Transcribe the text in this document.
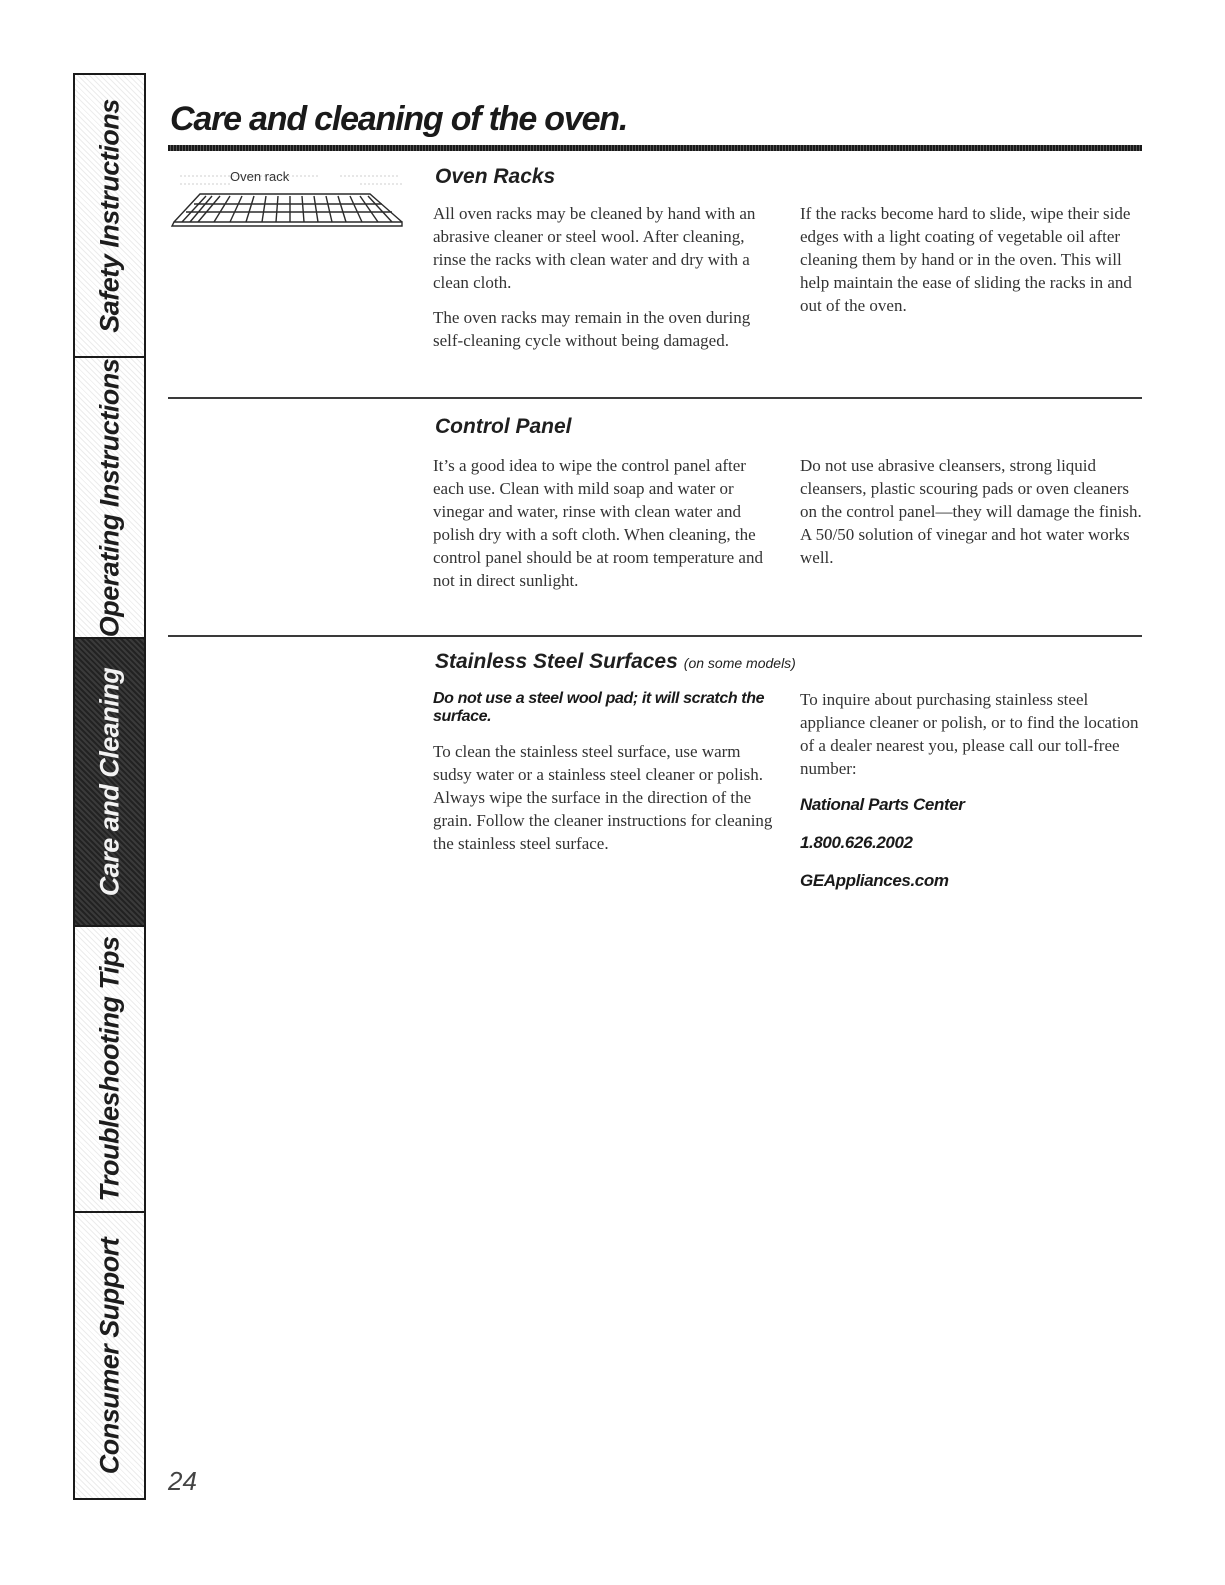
Safety Instructions
Operating Instructions
Care and Cleaning
Troubleshooting Tips
Consumer Support
Care and cleaning of the oven.
Oven rack	Oven Racks

All oven racks may be cleaned by hand with an abrasive cleaner or steel wool. After cleaning, rinse the racks with clean water and dry with a clean cloth.

The oven racks may remain in the oven during self-cleaning cycle without being damaged.

If the racks become hard to slide, wipe their side edges with a light coating of vegetable oil after cleaning them by hand or in the oven. This will help maintain the ease of sliding the racks in and out of the oven.

Control Panel

It’s a good idea to wipe the control panel after each use. Clean with mild soap and water or vinegar and water, rinse with clean water and polish dry with a soft cloth. When cleaning, the control panel should be at room temperature and not in direct sunlight.

Do not use abrasive cleansers, strong liquid cleansers, plastic scouring pads or oven cleaners on the control panel—they will damage the finish. A 50/50 solution of vinegar and hot water works well.

Stainless Steel Surfaces (on some models)

Do not use a steel wool pad; it will scratch the surface.

To clean the stainless steel surface, use warm sudsy water or a stainless steel cleaner or polish. Always wipe the surface in the direction of the grain. Follow the cleaner instructions for cleaning the stainless steel surface.

To inquire about purchasing stainless steel appliance cleaner or polish, or to find the location of a dealer nearest you, please call our toll-free number:

National Parts Center

1.800.626.2002

GEAppliances.com

24
